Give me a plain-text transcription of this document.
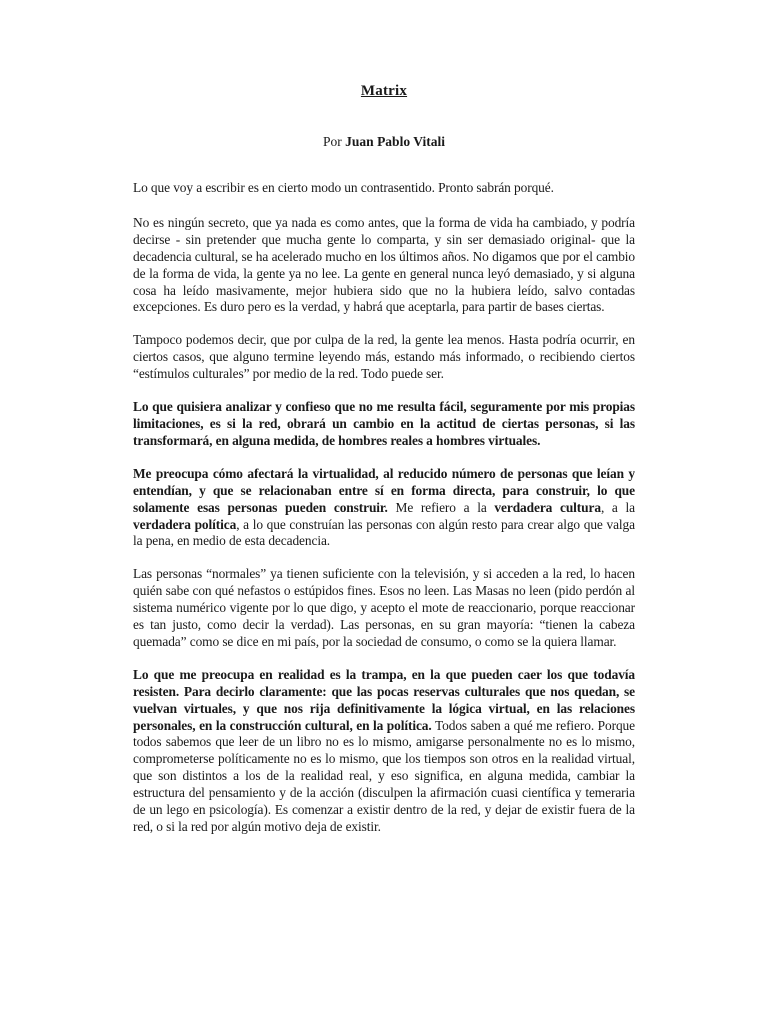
Matrix
Por Juan Pablo Vitali

Lo que voy a escribir es en cierto modo un contrasentido. Pronto sabrán porqué.

No es ningún secreto, que ya nada es como antes, que la forma de vida ha cambiado, y podría decirse - sin pretender que mucha gente lo comparta, y sin ser demasiado original- que la decadencia cultural, se ha acelerado mucho en los últimos años. No digamos que por el cambio de la forma de vida, la gente ya no lee. La gente en general nunca leyó demasiado, y si alguna cosa ha leído masivamente, mejor hubiera sido que no la hubiera leído, salvo contadas excepciones. Es duro pero es la verdad, y habrá que aceptarla, para partir de bases ciertas.

Tampoco podemos decir, que por culpa de la red, la gente lea menos. Hasta podría ocurrir, en ciertos casos, que alguno termine leyendo más, estando más informado, o recibiendo ciertos “estímulos culturales” por medio de la red. Todo puede ser.

Lo que quisiera analizar y confieso que no me resulta fácil, seguramente por mis propias limitaciones, es si la red, obrará un cambio en la actitud de ciertas personas, si las transformará, en alguna medida, de hombres reales a hombres virtuales.

Me preocupa cómo afectará la virtualidad, al reducido número de personas que leían y entendían, y que se relacionaban entre sí en forma directa, para construir, lo que solamente esas personas pueden construir. Me refiero a la verdadera cultura, a la verdadera política, a lo que construían las personas con algún resto para crear algo que valga la pena, en medio de esta decadencia.

Las personas “normales” ya tienen suficiente con la televisión, y si acceden a la red, lo hacen quién sabe con qué nefastos o estúpidos fines. Esos no leen. Las Masas no leen (pido perdón al sistema numérico vigente por lo que digo, y acepto el mote de reaccionario, porque reaccionar es tan justo, como decir la verdad). Las personas, en su gran mayoría: “tienen la cabeza quemada” como se dice en mi país, por la sociedad de consumo, o como se la quiera llamar.

Lo que me preocupa en realidad es la trampa, en la que pueden caer los que todavía resisten. Para decirlo claramente: que las pocas reservas culturales que nos quedan, se vuelvan virtuales, y que nos rija definitivamente la lógica virtual, en las relaciones personales, en la construcción cultural, en la política. Todos saben a qué me refiero. Porque todos sabemos que leer de un libro no es lo mismo, amigarse personalmente no es lo mismo, comprometerse políticamente no es lo mismo, que los tiempos son otros en la realidad virtual, que son distintos a los de la realidad real, y eso significa, en alguna medida, cambiar la estructura del pensamiento y de la acción (disculpen la afirmación cuasi científica y temeraria de un lego en psicología). Es comenzar a existir dentro de la red, y dejar de existir fuera de la red, o si la red por algún motivo deja de existir.
